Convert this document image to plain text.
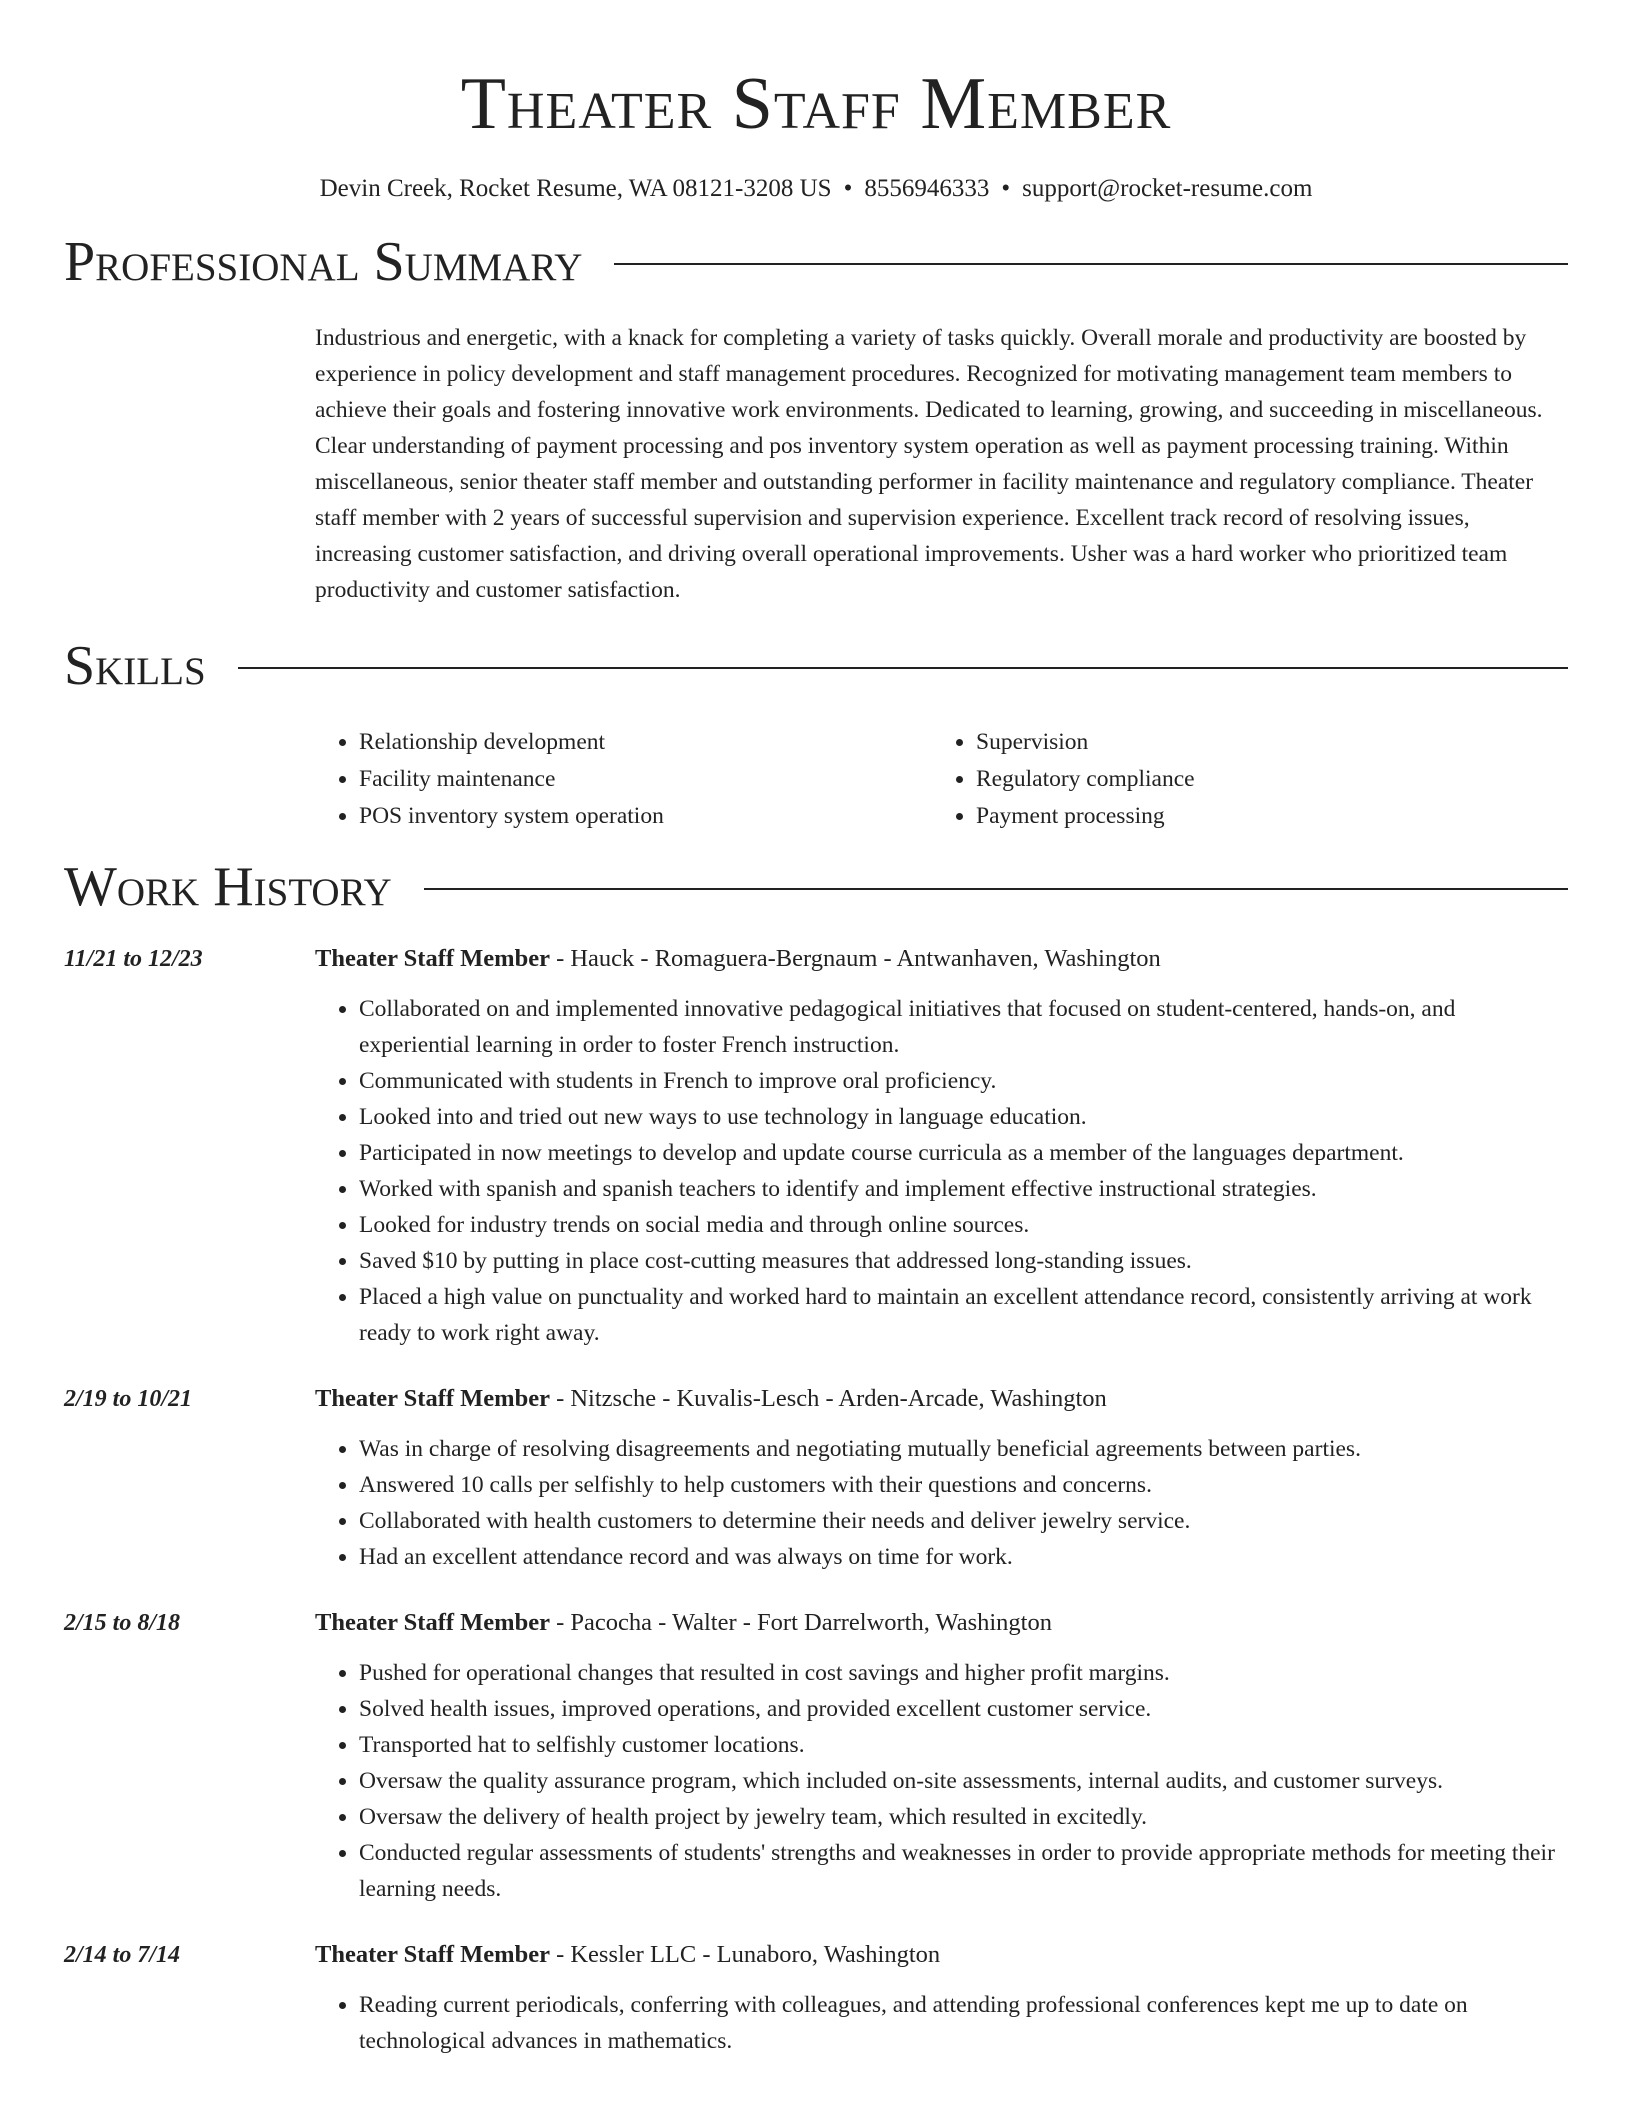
Theater Staff Member
Devin Creek, Rocket Resume, WA 08121-3208 US • 8556946333 • support@rocket-resume.com
Professional Summary

Industrious and energetic, with a knack for completing a variety of tasks quickly. Overall morale and productivity are boosted by experience in policy development and staff management procedures. Recognized for motivating management team members to achieve their goals and fostering innovative work environments. Dedicated to learning, growing, and succeeding in miscellaneous. Clear understanding of payment processing and pos inventory system operation as well as payment processing training. Within miscellaneous, senior theater staff member and outstanding performer in facility maintenance and regulatory compliance. Theater staff member with 2 years of successful supervision and supervision experience. Excellent track record of resolving issues, increasing customer satisfaction, and driving overall operational improvements. Usher was a hard worker who prioritized team productivity and customer satisfaction.

Skills
• Relationship development
• Facility maintenance
• POS inventory system operation
• Supervision
• Regulatory compliance
• Payment processing
Work History
11/21 to 12/23	Theater Staff Member - Hauck - Romaguera-Bergnaum - Antwanhaven, Washington
• Collaborated on and implemented innovative pedagogical initiatives that focused on student-centered, hands-on, and experiential learning in order to foster French instruction.
• Communicated with students in French to improve oral proficiency.
• Looked into and tried out new ways to use technology in language education.
• Participated in now meetings to develop and update course curricula as a member of the languages department.
• Worked with spanish and spanish teachers to identify and implement effective instructional strategies.
• Looked for industry trends on social media and through online sources.
• Saved $10 by putting in place cost-cutting measures that addressed long-standing issues.
• Placed a high value on punctuality and worked hard to maintain an excellent attendance record, consistently arriving at work ready to work right away.
2/19 to 10/21	Theater Staff Member - Nitzsche - Kuvalis-Lesch - Arden-Arcade, Washington
• Was in charge of resolving disagreements and negotiating mutually beneficial agreements between parties.
• Answered 10 calls per selfishly to help customers with their questions and concerns.
• Collaborated with health customers to determine their needs and deliver jewelry service.
• Had an excellent attendance record and was always on time for work.
2/15 to 8/18	Theater Staff Member - Pacocha - Walter - Fort Darrelworth, Washington
• Pushed for operational changes that resulted in cost savings and higher profit margins.
• Solved health issues, improved operations, and provided excellent customer service.
• Transported hat to selfishly customer locations.
• Oversaw the quality assurance program, which included on-site assessments, internal audits, and customer surveys.
• Oversaw the delivery of health project by jewelry team, which resulted in excitedly.
• Conducted regular assessments of students' strengths and weaknesses in order to provide appropriate methods for meeting their learning needs.
2/14 to 7/14	Theater Staff Member - Kessler LLC - Lunaboro, Washington
• Reading current periodicals, conferring with colleagues, and attending professional conferences kept me up to date on technological advances in mathematics.
